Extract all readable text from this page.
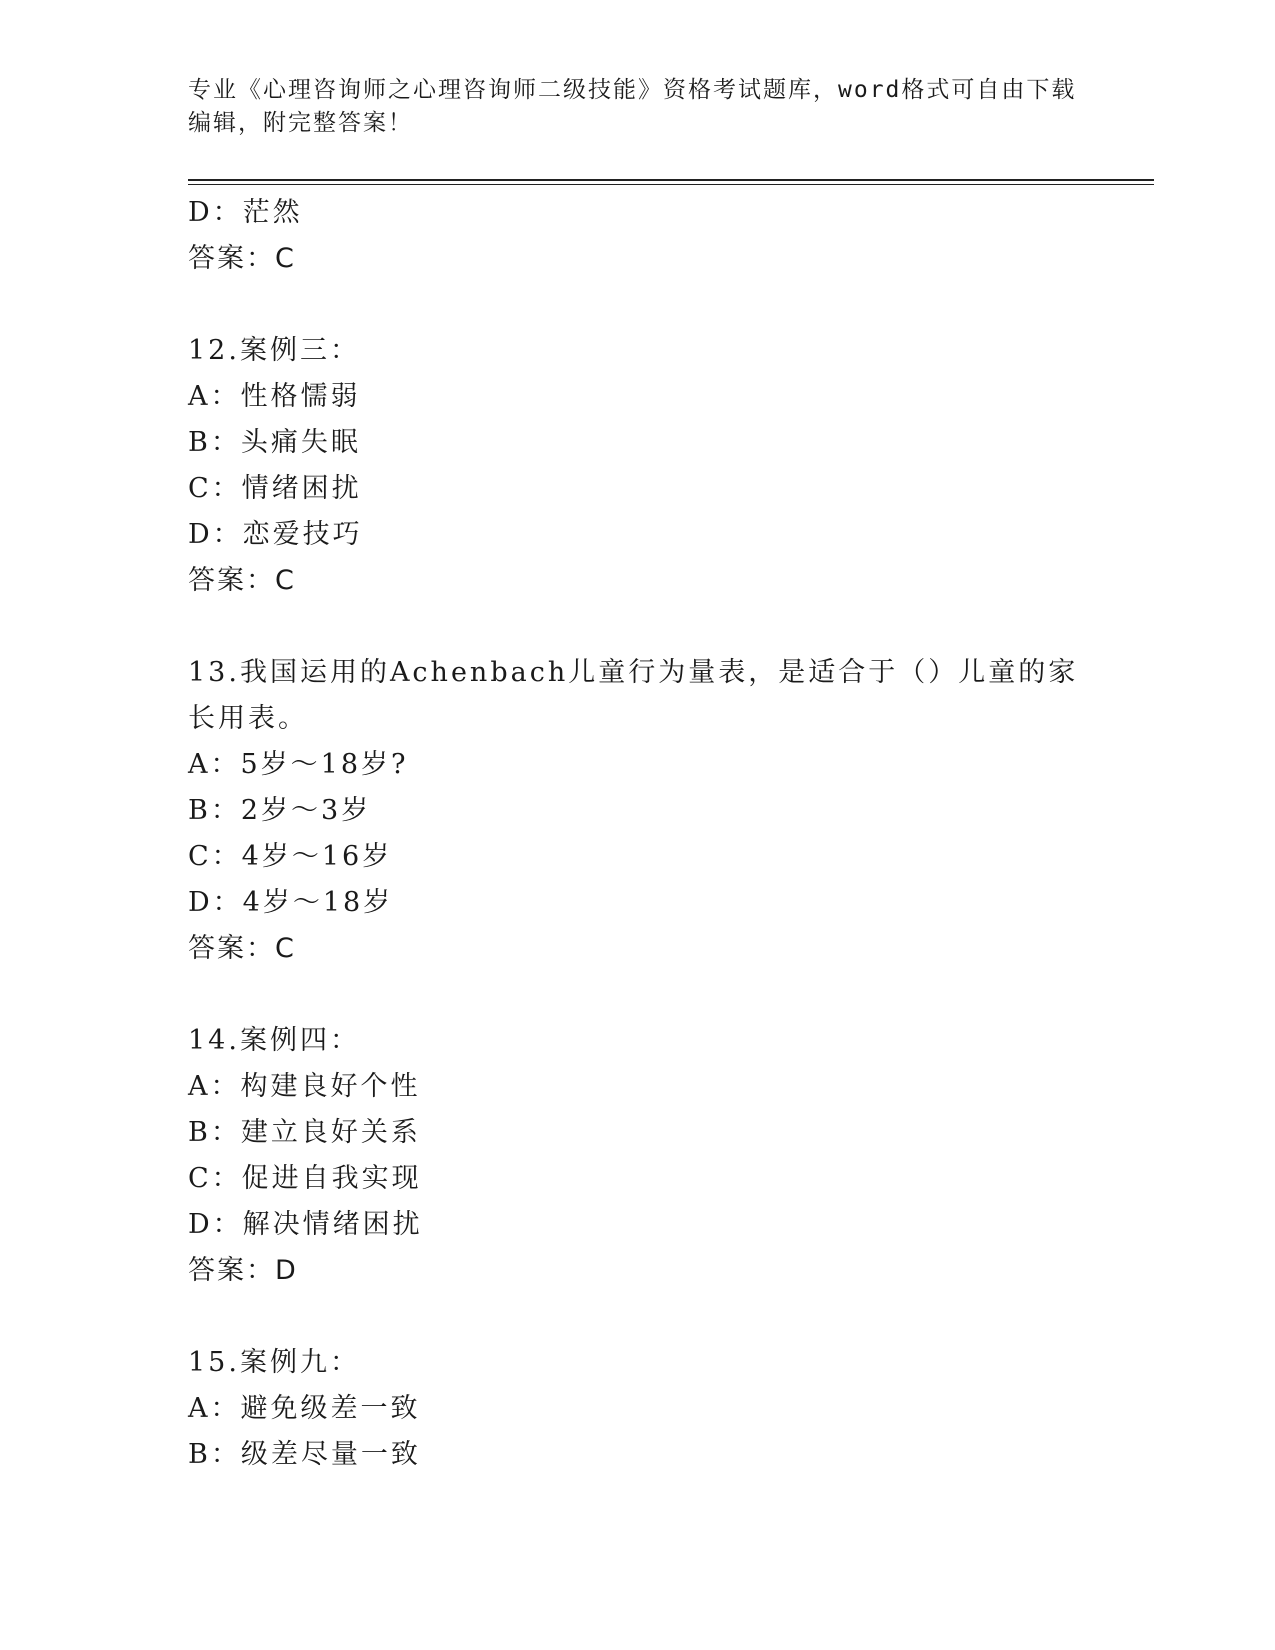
专业《心理咨询师之心理咨询师二级技能》资格考试题库，word格式可自由下载
编辑，附完整答案！
D：茫然
答案：C
12.案例三：
A：性格懦弱
B：头痛失眠
C：情绪困扰
D：恋爱技巧
答案：C
13.我国运用的Achenbach儿童行为量表，是适合于（）儿童的家长用表。
A：5岁～18岁?
B：2岁～3岁
C：4岁～16岁
D：4岁～18岁
答案：C
14.案例四：
A：构建良好个性
B：建立良好关系
C：促进自我实现
D：解决情绪困扰
答案：D
15.案例九：
A：避免级差一致
B：级差尽量一致
